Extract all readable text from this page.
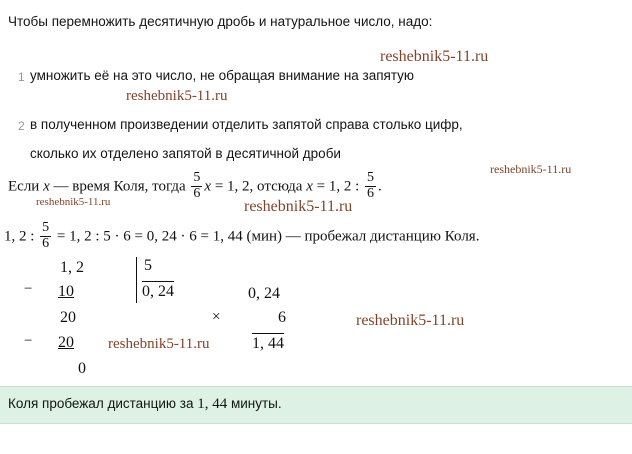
Чтобы перемножить десятичную дробь и натуральное число, надо:
1 умножить её на это число, не обращая внимание на запятую
2 в полученном произведении отделить запятой справа столько цифр,
сколько их отделено запятой в десятичной дроби
Если x — время Коля, тогда $\frac{5}{6}$ x = 1, 2, отсюда x = 1, 2 : $\frac{5}{6}$ .
1, 2 : $\frac{5}{6} = 1$, 2 : 5 · 6 = 0, 24 · 6 = 1, 44 (мин) — пробежал дистанцию Коля.
−
1, 2
10
20
− 20
0
5
0, 24
×
0, 24
6
1, 44
Коля пробежал дистанцию за 1, 44 минуты.
reshebnik5-11.ru
reshebnik5-11.ru
reshebnik5-11.ru
reshebnik5-11.ru	reshebnik5-11.ru
reshebnik5-11.ru
reshebnik5-11.ru
